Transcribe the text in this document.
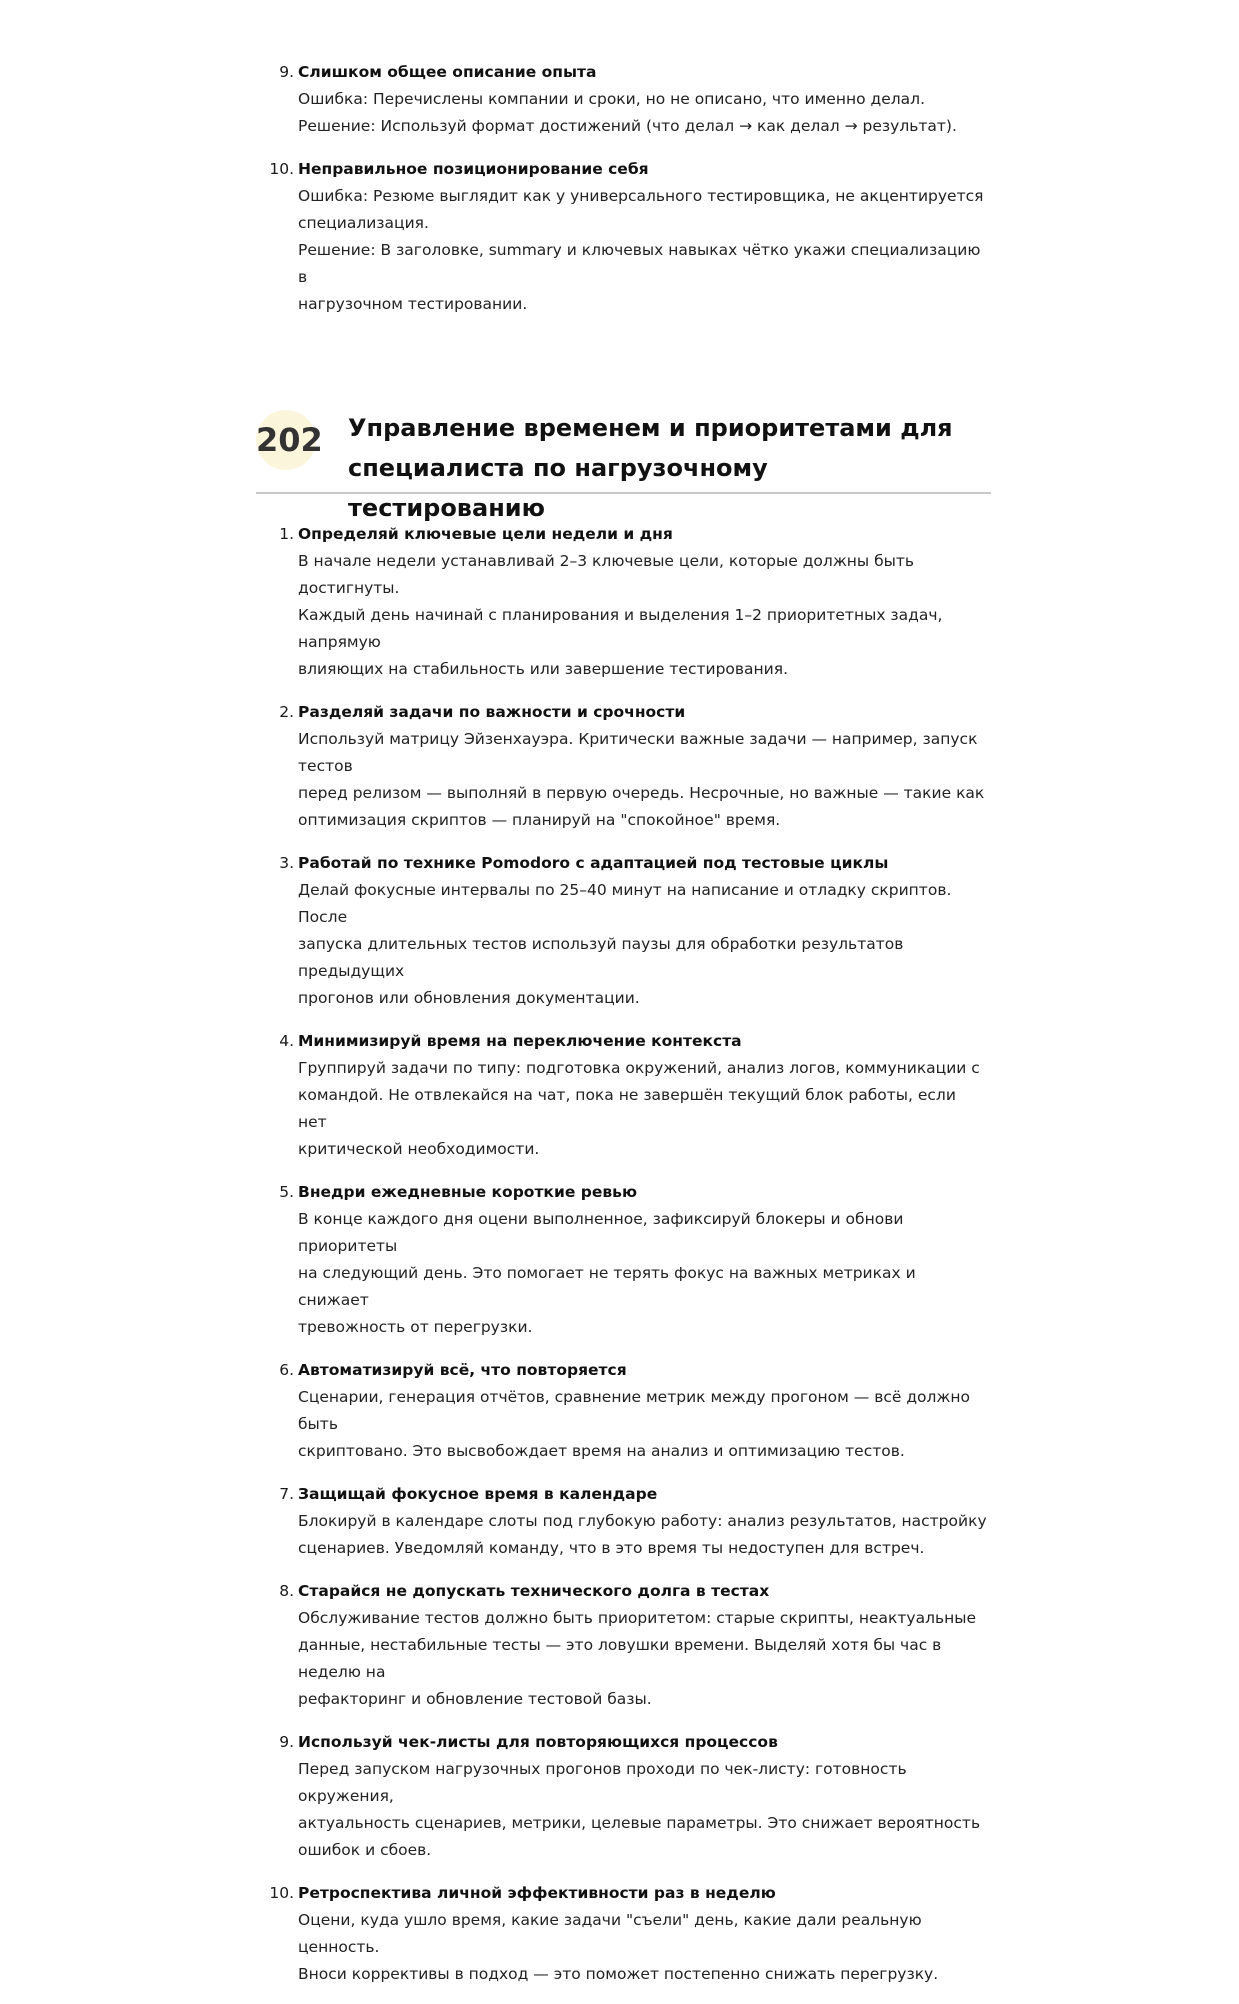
9. Слишком общее описание опыта
Ошибка: Перечислены компании и сроки, но не описано, что именно делал.
Решение: Используй формат достижений (что делал → как делал → результат).
10. Неправильное позиционирование себя
Ошибка: Резюме выглядит как у универсального тестировщика, не акцентируется
специализация.
Решение: В заголовке, summary и ключевых навыках чётко укажи специализацию в
нагрузочном тестировании.
202 Управление временем и приоритетами для
специалиста по нагрузочному тестированию
1. Определяй ключевые цели недели и дня
В начале недели устанавливай 2–3 ключевые цели, которые должны быть достигнуты.
Каждый день начинай с планирования и выделения 1–2 приоритетных задач, напрямую
влияющих на стабильность или завершение тестирования.
2. Разделяй задачи по важности и срочности
Используй матрицу Эйзенхауэра. Критически важные задачи — например, запуск тестов
перед релизом — выполняй в первую очередь. Несрочные, но важные — такие как
оптимизация скриптов — планируй на "спокойное" время.
3. Работай по технике Pomodoro с адаптацией под тестовые циклы
Делай фокусные интервалы по 25–40 минут на написание и отладку скриптов. После
запуска длительных тестов используй паузы для обработки результатов предыдущих
прогонов или обновления документации.
4. Минимизируй время на переключение контекста
Группируй задачи по типу: подготовка окружений, анализ логов, коммуникации с
командой. Не отвлекайся на чат, пока не завершён текущий блок работы, если нет
критической необходимости.
5. Внедри ежедневные короткие ревью
В конце каждого дня оцени выполненное, зафиксируй блокеры и обнови приоритеты
на следующий день. Это помогает не терять фокус на важных метриках и снижает
тревожность от перегрузки.
6. Автоматизируй всё, что повторяется
Сценарии, генерация отчётов, сравнение метрик между прогоном — всё должно быть
скриптовано. Это высвобождает время на анализ и оптимизацию тестов.
7. Защищай фокусное время в календаре
Блокируй в календаре слоты под глубокую работу: анализ результатов, настройку
сценариев. Уведомляй команду, что в это время ты недоступен для встреч.
8. Старайся не допускать технического долга в тестах
Обслуживание тестов должно быть приоритетом: старые скрипты, неактуальные
данные, нестабильные тесты — это ловушки времени. Выделяй хотя бы час в неделю на
рефакторинг и обновление тестовой базы.
9. Используй чек-листы для повторяющихся процессов
Перед запуском нагрузочных прогонов проходи по чек-листу: готовность окружения,
актуальность сценариев, метрики, целевые параметры. Это снижает вероятность
ошибок и сбоев.
10. Ретроспектива личной эффективности раз в неделю
Оцени, куда ушло время, какие задачи "съели" день, какие дали реальную ценность.
Вноси коррективы в подход — это поможет постепенно снижать перегрузку.
